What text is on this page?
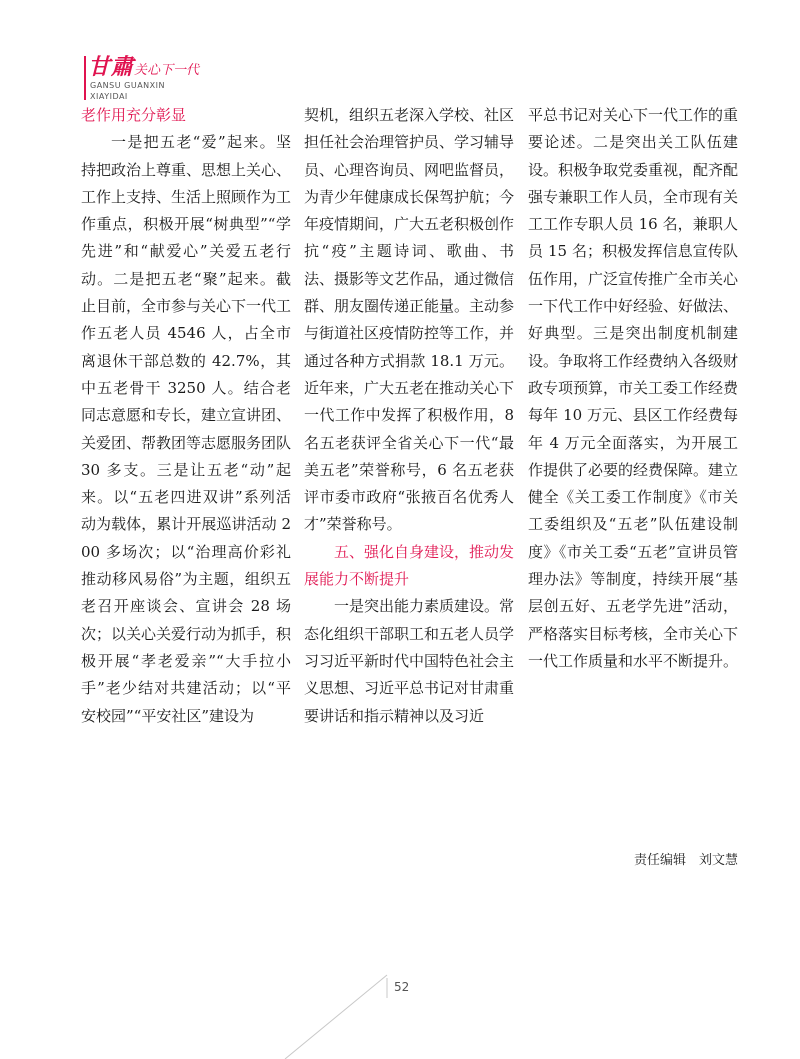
甘肅关心下一代
GANSU GUANXIN
XIAYIDAI

老作用充分彰显

一是把五老“爱”起来。坚持把政治上尊重、思想上关心、工作上支持、生活上照顾作为工作重点，积极开展“树典型”“学先进”和“献爱心”关爱五老行动。二是把五老“聚”起来。截止目前，全市参与关心下一代工作五老人员 4546 人，占全市离退休干部总数的 42.7%，其中五老骨干 3250 人。结合老同志意愿和专长，建立宣讲团、关爱团、帮教团等志愿服务团队 30 多支。三是让五老“动”起来。以“五老四进双讲”系列活动为载体，累计开展巡讲活动 200 多场次；以“治理高价彩礼　推动移风易俗”为主题，组织五老召开座谈会、宣讲会 28 场次；以关心关爱行动为抓手，积极开展“孝老爱亲”“大手拉小手”老少结对共建活动；以“平安校园”“平安社区”建设为

契机，组织五老深入学校、社区担任社会治理管护员、学习辅导员、心理咨询员、网吧监督员，为青少年健康成长保驾护航；今年疫情期间，广大五老积极创作抗“疫”主题诗词、歌曲、书法、摄影等文艺作品，通过微信群、朋友圈传递正能量。主动参与街道社区疫情防控等工作，并通过各种方式捐款 18.1 万元。近年来，广大五老在推动关心下一代工作中发挥了积极作用，8 名五老获评全省关心下一代“最美五老”荣誉称号，6 名五老获评市委市政府“张掖百名优秀人才”荣誉称号。

五、强化自身建设，推动发展能力不断提升

一是突出能力素质建设。常态化组织干部职工和五老人员学习习近平新时代中国特色社会主义思想、习近平总书记对甘肃重要讲话和指示精神以及习近

平总书记对关心下一代工作的重要论述。二是突出关工队伍建设。积极争取党委重视，配齐配强专兼职工作人员，全市现有关工工作专职人员 16 名，兼职人员 15 名；积极发挥信息宣传队伍作用，广泛宣传推广全市关心一下代工作中好经验、好做法、好典型。三是突出制度机制建设。争取将工作经费纳入各级财政专项预算，市关工委工作经费每年 10 万元、县区工作经费每年 4 万元全面落实，为开展工作提供了必要的经费保障。建立健全《关工委工作制度》《市关工委组织及“五老”队伍建设制度》《市关工委“五老”宣讲员管理办法》等制度，持续开展“基层创五好、五老学先进”活动，严格落实目标考核，全市关心下一代工作质量和水平不断提升。

责任编辑　刘文慧
52
